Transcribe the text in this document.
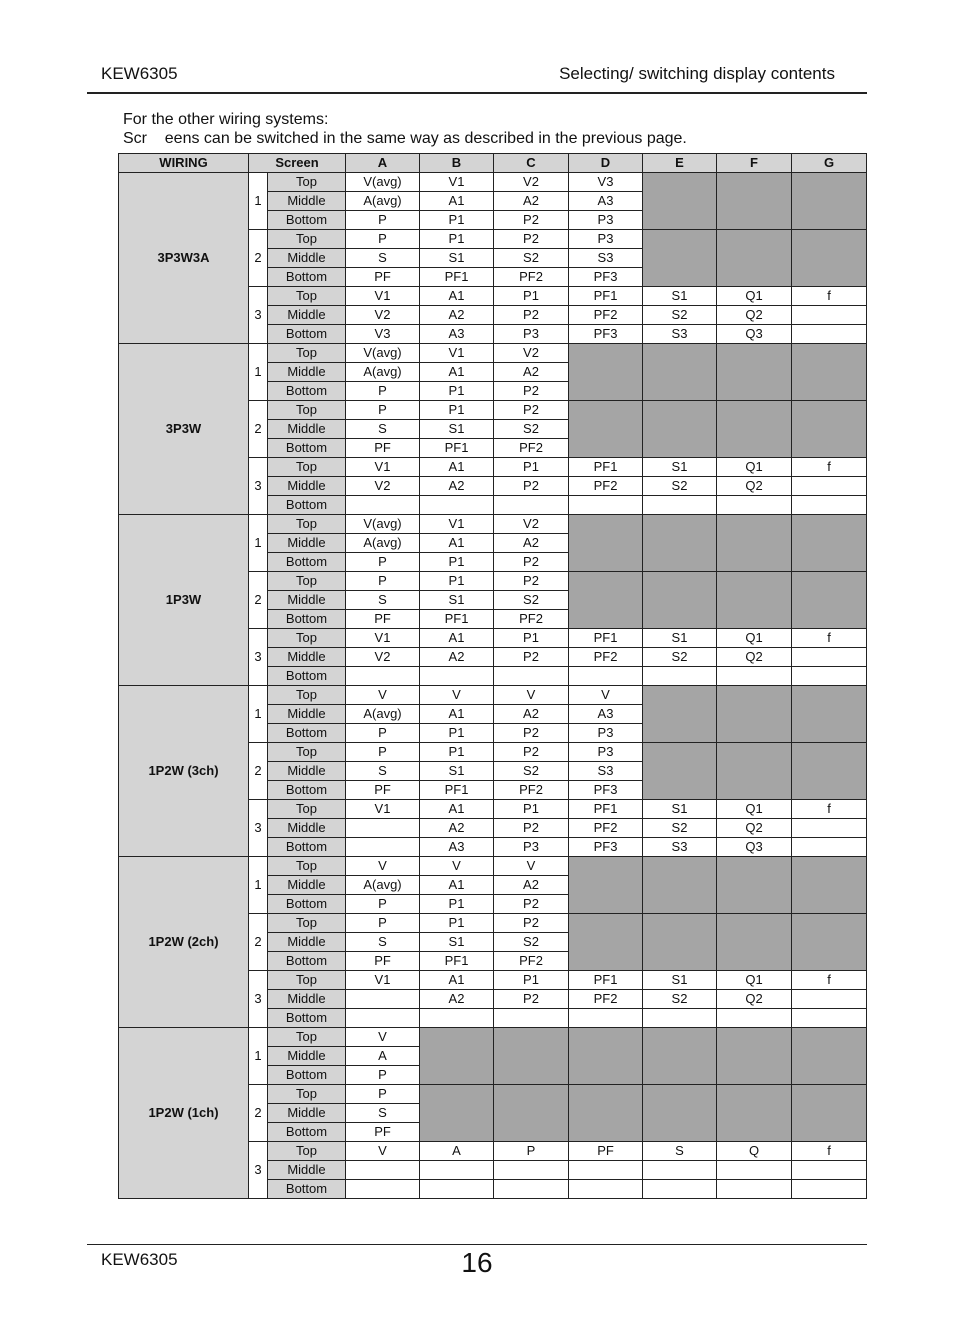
KEW6305	Selecting/ switching display contents
For the other wiring systems:
Scr    eens can be switched in the same way as described in the previous page.
WIRING	Screen		A	B	C	D	E	F	G
3P3W3A	1	Top	V(avg)	V1	V2	V3			
		Middle	A(avg)	A1	A2	A3			
		Bottom	P	P1	P2	P3			
	2	Top	P	P1	P2	P3			
		Middle	S	S1	S2	S3			
		Bottom	PF	PF1	PF2	PF3			
	3	Top	V1	A1	P1	PF1	S1	Q1	f
		Middle	V2	A2	P2	PF2	S2	Q2	
		Bottom	V3	A3	P3	PF3	S3	Q3	
3P3W	1	Top	V(avg)	V1	V2				
		Middle	A(avg)	A1	A2				
		Bottom	P	P1	P2				
	2	Top	P	P1	P2				
		Middle	S	S1	S2				
		Bottom	PF	PF1	PF2				
	3	Top	V1	A1	P1	PF1	S1	Q1	f
		Middle	V2	A2	P2	PF2	S2	Q2	
		Bottom							
1P3W	1	Top	V(avg)	V1	V2				
		Middle	A(avg)	A1	A2				
		Bottom	P	P1	P2				
	2	Top	P	P1	P2				
		Middle	S	S1	S2				
		Bottom	PF	PF1	PF2				
	3	Top	V1	A1	P1	PF1	S1	Q1	f
		Middle	V2	A2	P2	PF2	S2	Q2	
		Bottom							
1P2W (3ch)	1	Top	V	V	V	V			
		Middle	A(avg)	A1	A2	A3			
		Bottom	P	P1	P2	P3			
	2	Top	P	P1	P2	P3			
		Middle	S	S1	S2	S3			
		Bottom	PF	PF1	PF2	PF3			
	3	Top	V1	A1	P1	PF1	S1	Q1	f
		Middle		A2	P2	PF2	S2	Q2	
		Bottom		A3	P3	PF3	S3	Q3	
1P2W (2ch)	1	Top	V	V	V				
		Middle	A(avg)	A1	A2				
		Bottom	P	P1	P2				
	2	Top	P	P1	P2				
		Middle	S	S1	S2				
		Bottom	PF	PF1	PF2				
	3	Top	V1	A1	P1	PF1	S1	Q1	f
		Middle		A2	P2	PF2	S2	Q2	
		Bottom							
1P2W (1ch)	1	Top	V						
		Middle	A						
		Bottom	P						
	2	Top	P						
		Middle	S						
		Bottom	PF						
	3	Top	V	A	P	PF	S	Q	f
		Middle							
		Bottom							
KEW6305	16
